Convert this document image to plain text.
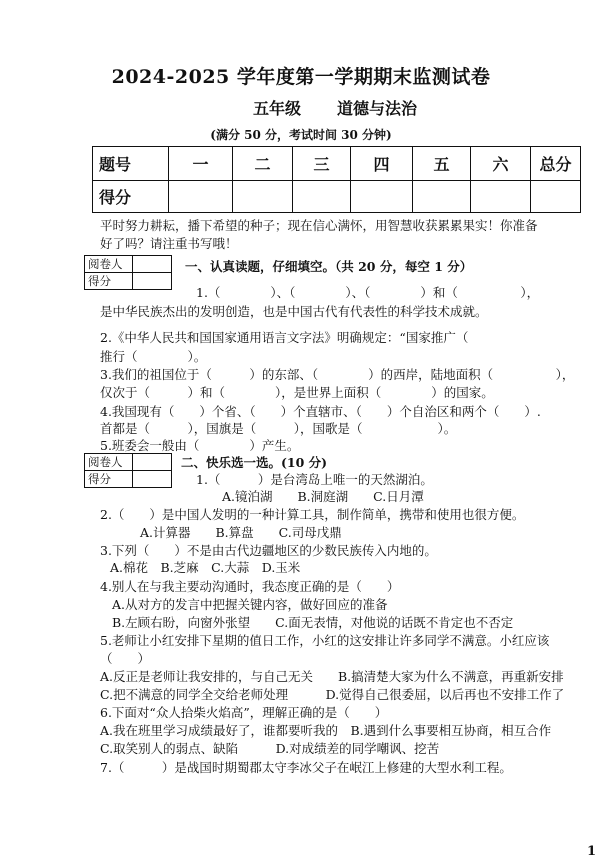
2024-2025 学年度第一学期期末监测试卷
五年级 道德与法治
(满分 50 分，考试时间 30 分钟)
题号	一	二	三	四	五	六	总分
得分							
平时努力耕耘，播下希望的种子；现在信心满怀，用智慧收获累累果实！你准备
好了吗？请注重书写哦！
阅卷人	
得分	
一、认真读题，仔细填空。（共 20 分，每空 1 分）
1.（　　　　）、（　　　　）、（　　　　）和（　　　　　），
是中华民族杰出的发明创造，也是中国古代有代表性的科学技术成就。
2.《中华人民共和国国家通用语言文字法》明确规定：“国家推广（　　　　　　
推行（　　　　）。
3.我们的祖国位于（　　　）的东部、（　　　　）的西岸，陆地面积（　　　　　），
仅次于（　　　）和（　　　　），是世界上面积（　　　　）的国家。
4.我国现有（　　）个省、（　　）个直辖市、（　　）个自治区和两个（　　）.
首都是（　　　），国旗是（　　　），国歌是（　　　　　　）。
5.班委会一般由（　　　　）产生。
阅卷人	
得分	
二、快乐选一选。(10 分)
1.（　　　）是台湾岛上唯一的天然湖泊。
A.镜泊湖　　B.洞庭湖　　C.日月潭
2.（　　）是中国人发明的一种计算工具，制作简单，携带和使用也很方便。
A.计算器　　B.算盘　　C.司母戊鼎
3.下列（　　）不是由古代边疆地区的少数民族传入内地的。
A.棉花　B.芝麻　C.大蒜　D.玉米
4.别人在与我主要动沟通时，我态度正确的是（　　）
A.从对方的发言中把握关键内容，做好回应的准备
B.左顾右盼，向窗外张望　　C.面无表情，对他说的话既不肯定也不否定
5.老师让小红安排下星期的值日工作，小红的这安排让许多同学不满意。小红应该
（　　）
A.反正是老师让我安排的，与自己无关　　B.搞清楚大家为什么不满意，再重新安排
C.把不满意的同学全交给老师处理　　　D.觉得自己很委屈，以后再也不安排工作了
6.下面对“众人拾柴火焰高”，理解正确的是（　　）
A.我在班里学习成绩最好了，谁都要听我的　B.遇到什么事要相互协商，相互合作
C.取笑别人的弱点、缺陷　　　D.对成绩差的同学嘲讽、挖苦
7.（　　　）是战国时期蜀郡太守李冰父子在岷江上修建的大型水利工程。
1
